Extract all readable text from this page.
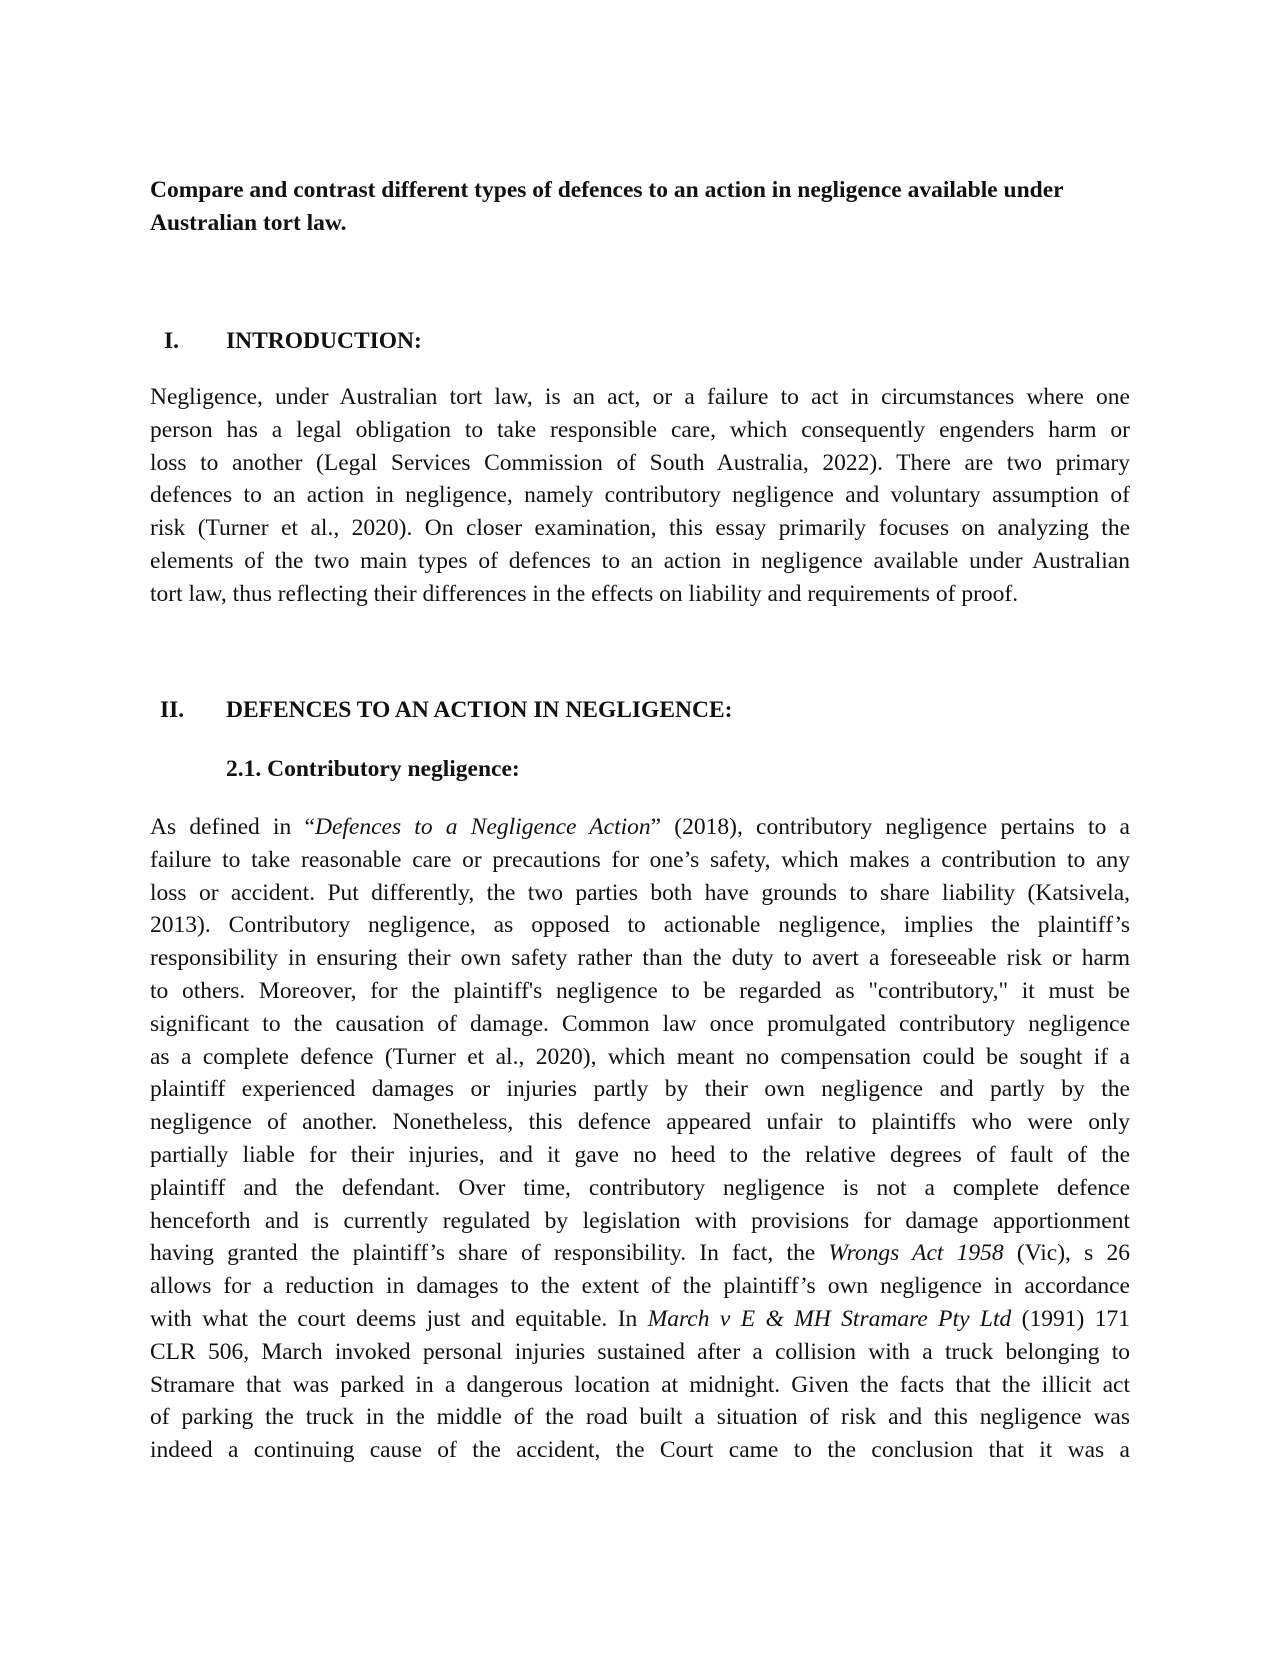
Compare and contrast different types of defences to an action in negligence available under
Australian tort law.
I. INTRODUCTION:

Negligence, under Australian tort law, is an act, or a failure to act in circumstances where one
person has a legal obligation to take responsible care, which consequently engenders harm or
loss to another (Legal Services Commission of South Australia, 2022). There are two primary
defences to an action in negligence, namely contributory negligence and voluntary assumption of
risk (Turner et al., 2020). On closer examination, this essay primarily focuses on analyzing the
elements of the two main types of defences to an action in negligence available under Australian
tort law, thus reflecting their differences in the effects on liability and requirements of proof.

II. DEFENCES TO AN ACTION IN NEGLIGENCE:
2.1. Contributory negligence:

As defined in “Defences to a Negligence Action” (2018), contributory negligence pertains to a
failure to take reasonable care or precautions for one’s safety, which makes a contribution to any
loss or accident. Put differently, the two parties both have grounds to share liability (Katsivela,
2013). Contributory negligence, as opposed to actionable negligence, implies the plaintiff’s
responsibility in ensuring their own safety rather than the duty to avert a foreseeable risk or harm
to others. Moreover, for the plaintiff's negligence to be regarded as "contributory," it must be
significant to the causation of damage. Common law once promulgated contributory negligence
as a complete defence (Turner et al., 2020), which meant no compensation could be sought if a
plaintiff experienced damages or injuries partly by their own negligence and partly by the
negligence of another. Nonetheless, this defence appeared unfair to plaintiffs who were only
partially liable for their injuries, and it gave no heed to the relative degrees of fault of the
plaintiff and the defendant. Over time, contributory negligence is not a complete defence
henceforth and is currently regulated by legislation with provisions for damage apportionment
having granted the plaintiff’s share of responsibility. In fact, the Wrongs Act 1958 (Vic), s 26
allows for a reduction in damages to the extent of the plaintiff’s own negligence in accordance
with what the court deems just and equitable. In March v E & MH Stramare Pty Ltd (1991) 171
CLR 506, March invoked personal injuries sustained after a collision with a truck belonging to
Stramare that was parked in a dangerous location at midnight. Given the facts that the illicit act
of parking the truck in the middle of the road built a situation of risk and this negligence was
indeed a continuing cause of the accident, the Court came to the conclusion that it was a
